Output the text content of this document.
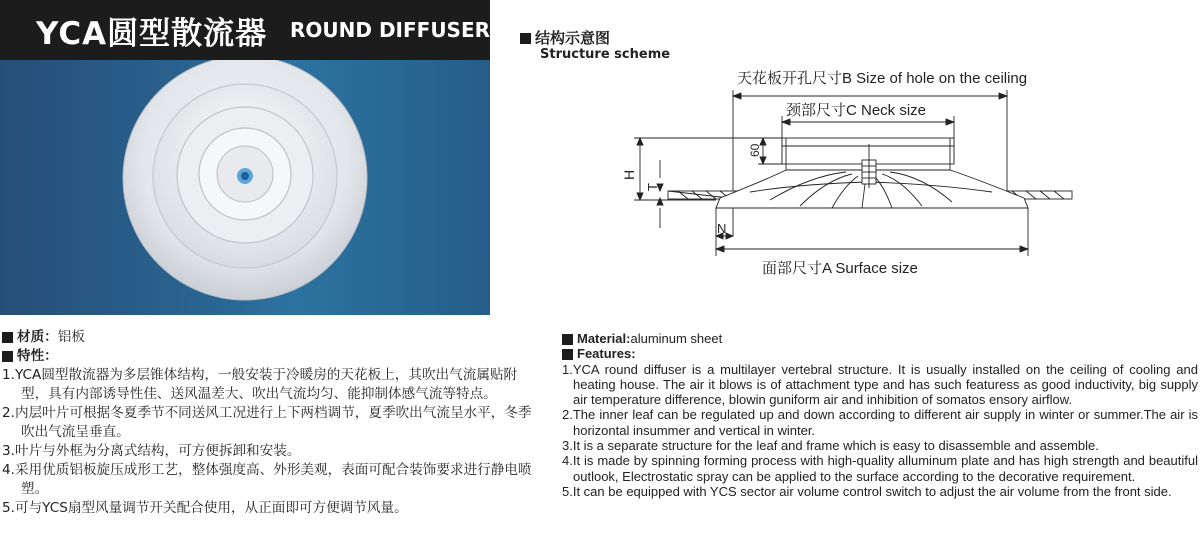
YCA圆型散流器 ROUND DIFFUSER	结构示意图
Structure scheme
天花板开孔尺寸B Size of hole on the ceiling
颈部尺寸C Neck size
面部尺寸A Surface size
H
T
60
N

材质：铝板

特性：

1.YCA圆型散流器为多层锥体结构，一般安装于冷暖房的天花板上，其吹出气流属贴附型，具有内部诱导性佳、送风温差大、吹出气流均匀、能抑制体感气流等特点。

2.内层叶片可根据冬夏季节不同送风工况进行上下两档调节，夏季吹出气流呈水平，冬季吹出气流呈垂直。

3.叶片与外框为分离式结构，可方便拆卸和安装。

4.采用优质铝板旋压成形工艺，整体强度高、外形美观，表面可配合装饰要求进行静电喷塑。

5.可与YCS扇型风量调节开关配合使用，从正面即可方便调节风量。

Material:aluminum sheet

Features:

1.YCA round diffuser is a multilayer vertebral structure. It is usually installed on the ceiling of cooling and heating house. The air it blows is of attachment type and has such featuress as good inductivity, big supply air temperature difference, blowin guniform air and inhibition of somatos ensory airflow.

2.The inner leaf can be regulated up and down according to different air supply in winter or summer.The air is horizontal insummer and vertical in winter.

3.It is a separate structure for the leaf and frame which is easy to disassemble and assemble.

4.It is made by spinning forming process with high-quality alluminum plate and has high strength and beautiful outlook, Electrostatic spray can be applied to the surface according to the decorative requirement.

5.It can be equipped with YCS sector air volume control switch to adjust the air volume from the front side.
